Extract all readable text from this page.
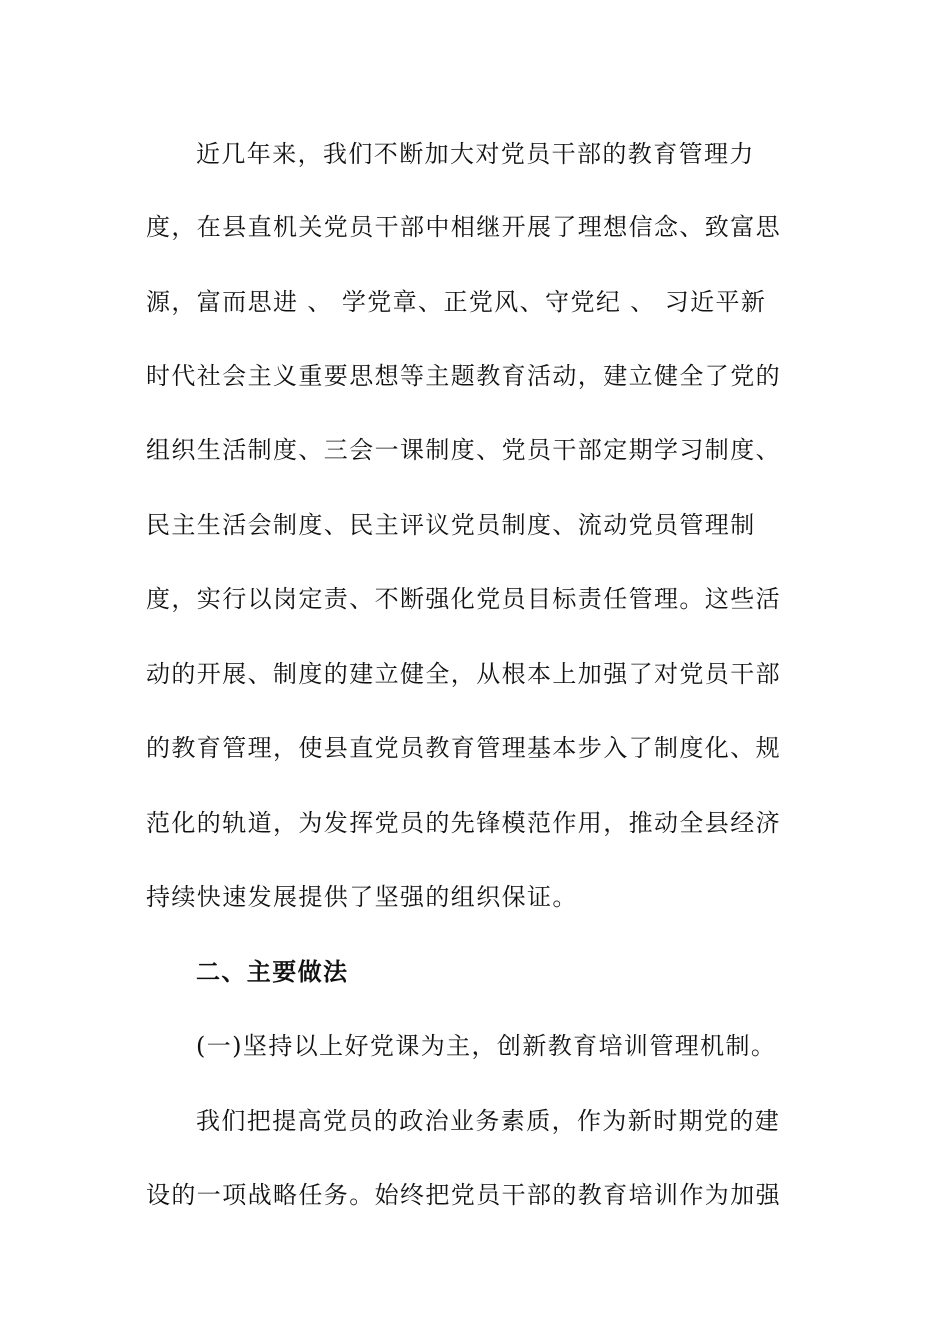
近几年来，我们不断加大对党员干部的教育管理力
度，在县直机关党员干部中相继开展了理想信念、致富思
源，富而思进 、 学党章、正党风、守党纪 、 习近平新
时代社会主义重要思想等主题教育活动，建立健全了党的
组织生活制度、三会一课制度、党员干部定期学习制度、
民主生活会制度、民主评议党员制度、流动党员管理制
度，实行以岗定责、不断强化党员目标责任管理。这些活
动的开展、制度的建立健全，从根本上加强了对党员干部
的教育管理，使县直党员教育管理基本步入了制度化、规
范化的轨道，为发挥党员的先锋模范作用，推动全县经济
持续快速发展提供了坚强的组织保证。
二、主要做法
(一)坚持以上好党课为主，创新教育培训管理机制。
我们把提高党员的政治业务素质，作为新时期党的建
设的一项战略任务。始终把党员干部的教育培训作为加强
